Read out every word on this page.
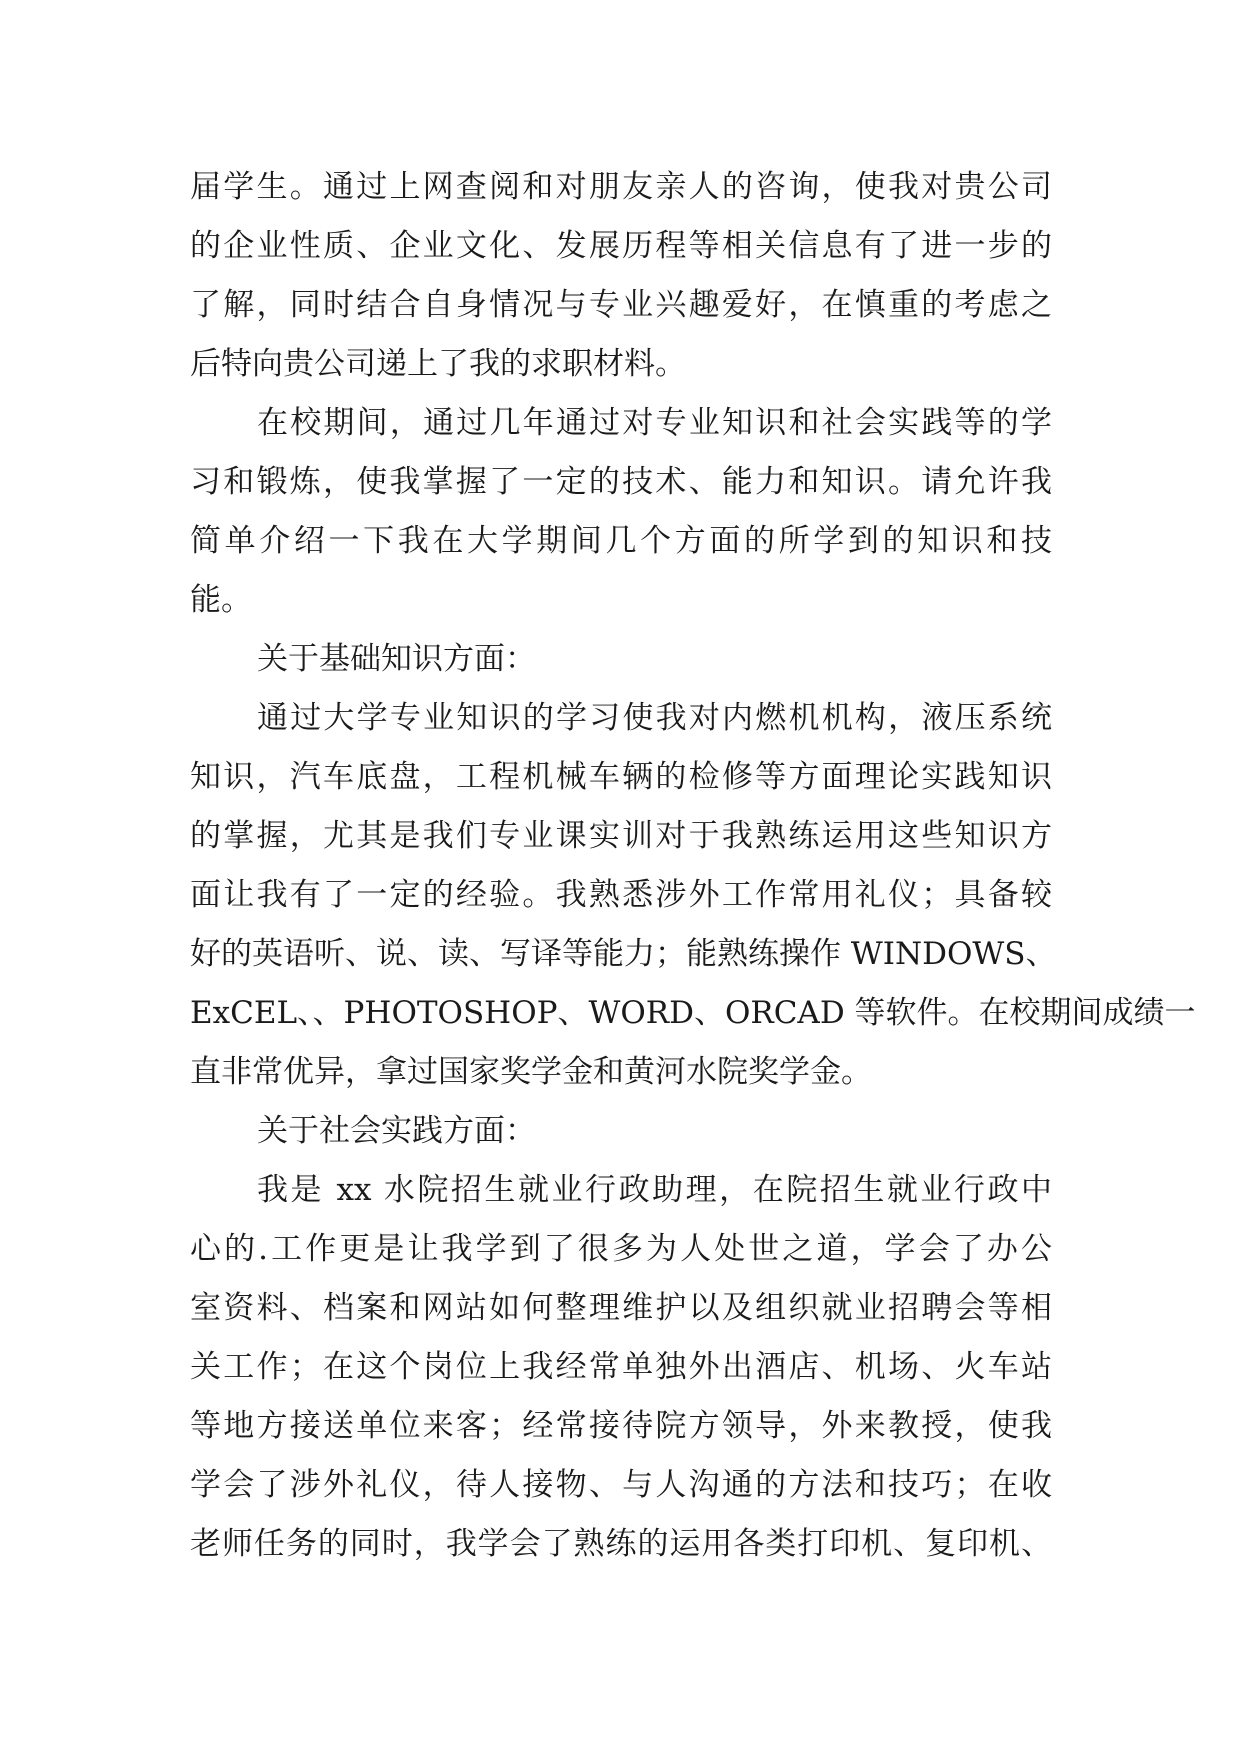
届学生。通过上网查阅和对朋友亲人的咨询，使我对贵公司
的企业性质、企业文化、发展历程等相关信息有了进一步的
了解，同时结合自身情况与专业兴趣爱好，在慎重的考虑之
后特向贵公司递上了我的求职材料。
在校期间，通过几年通过对专业知识和社会实践等的学
习和锻炼，使我掌握了一定的技术、能力和知识。请允许我
简单介绍一下我在大学期间几个方面的所学到的知识和技
能。
关于基础知识方面：
通过大学专业知识的学习使我对内燃机机构，液压系统
知识，汽车底盘，工程机械车辆的检修等方面理论实践知识
的掌握，尤其是我们专业课实训对于我熟练运用这些知识方
面让我有了一定的经验。我熟悉涉外工作常用礼仪；具备较
好的英语听、说、读、写译等能力；能熟练操作 WINDOWS、
ExCEL、、PHOTOSHOP、WORD、ORCAD 等软件。在校期间成绩一
直非常优异，拿过国家奖学金和黄河水院奖学金。
关于社会实践方面：
我是 xx 水院招生就业行政助理，在院招生就业行政中
心的.工作更是让我学到了很多为人处世之道，学会了办公
室资料、档案和网站如何整理维护以及组织就业招聘会等相
关工作；在这个岗位上我经常单独外出酒店、机场、火车站
等地方接送单位来客；经常接待院方领导，外来教授，使我
学会了涉外礼仪，待人接物、与人沟通的方法和技巧；在收
老师任务的同时，我学会了熟练的运用各类打印机、复印机、
